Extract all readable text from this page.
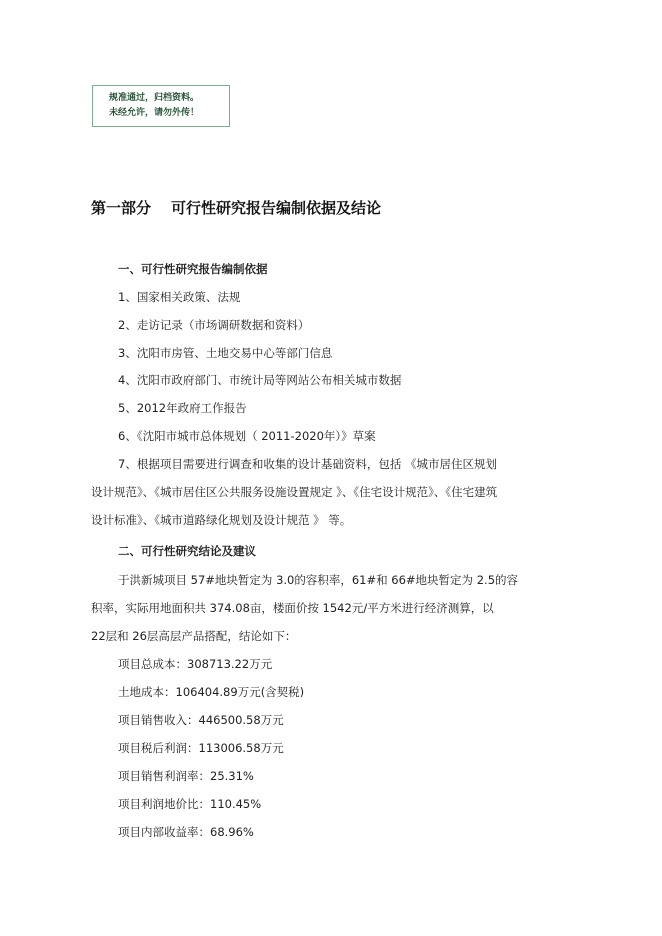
规准通过，归档资料。
未经允许，请勿外传！
第一部分 可行性研究报告编制依据及结论
一、可行性研究报告编制依据
1、国家相关政策、法规
2、走访记录（市场调研数据和资料）
3、沈阳市房管、土地交易中心等部门信息
4、沈阳市政府部门、市统计局等网站公布相关城市数据
5、2012年政府工作报告
6、《沈阳市城市总体规划（ 2011-2020年）》草案
7、根据项目需要进行调查和收集的设计基础资料，包括 《城市居住区规划
设计规范》、《城市居住区公共服务设施设置规定 》、《住宅设计规范》、《住宅建筑
设计标准》、《城市道路绿化规划及设计规范 》 等。
二、可行性研究结论及建议
于洪新城项目 57#地块暂定为 3.0的容积率，61#和 66#地块暂定为 2.5的容
积率，实际用地面积共 374.08亩，楼面价按 1542元/平方米进行经济测算，以
22层和 26层高层产品搭配，结论如下：
项目总成本：308713.22万元
土地成本：106404.89万元(含契税)
项目销售收入：446500.58万元
项目税后利润：113006.58万元
项目销售利润率：25.31%
项目利润地价比：110.45%
项目内部收益率：68.96%
